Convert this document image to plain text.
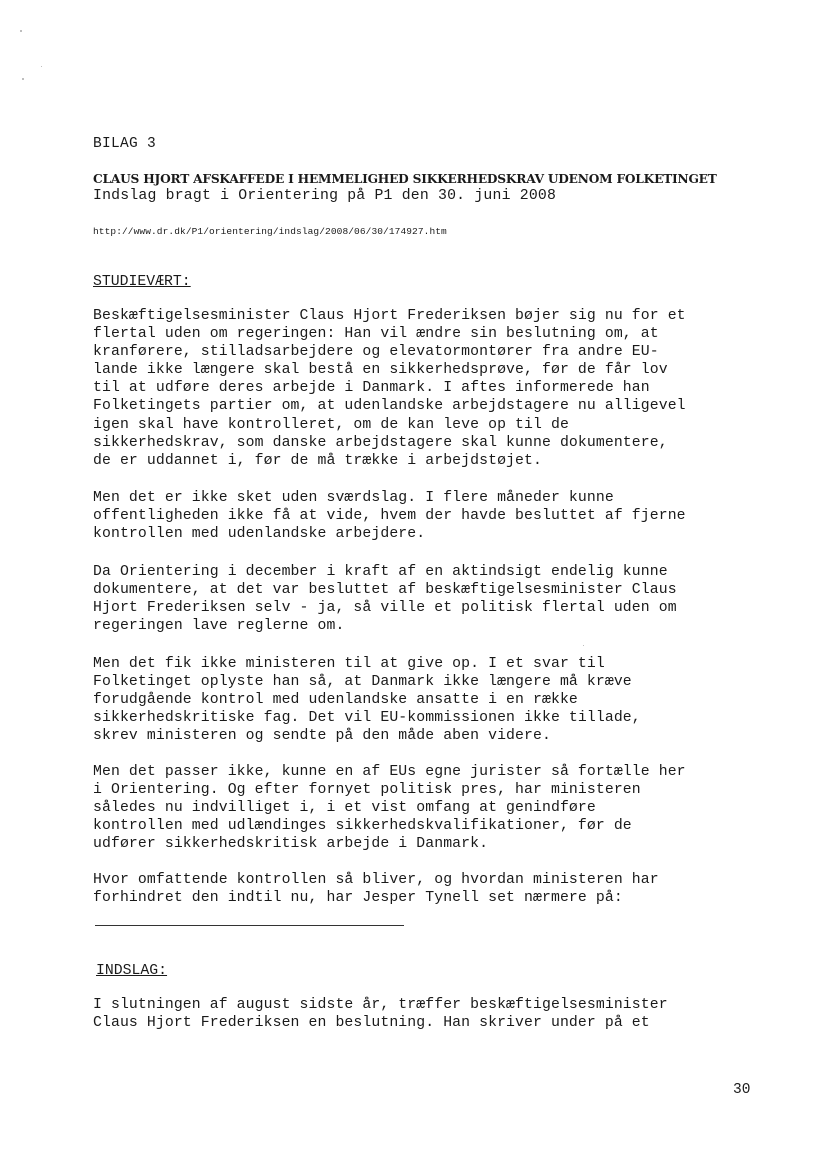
BILAG 3
CLAUS HJORT AFSKAFFEDE I HEMMELIGHED SIKKERHEDSKRAV UDENOM FOLKETINGET
Indslag bragt i Orientering på P1 den 30. juni 2008
http://www.dr.dk/P1/orientering/indslag/2008/06/30/174927.htm
STUDIEVÆRT:
Beskæftigelsesminister Claus Hjort Frederiksen bøjer sig nu for et
flertal uden om regeringen: Han vil ændre sin beslutning om, at
kranførere, stilladsarbejdere og elevatormontører fra andre EU-
lande ikke længere skal bestå en sikkerhedsprøve, før de får lov
til at udføre deres arbejde i Danmark. I aftes informerede han
Folketingets partier om, at udenlandske arbejdstagere nu alligevel
igen skal have kontrolleret, om de kan leve op til de
sikkerhedskrav, som danske arbejdstagere skal kunne dokumentere,
de er uddannet i, før de må trække i arbejdstøjet.
Men det er ikke sket uden sværdslag. I flere måneder kunne
offentligheden ikke få at vide, hvem der havde besluttet af fjerne
kontrollen med udenlandske arbejdere.
Da Orientering i december i kraft af en aktindsigt endelig kunne
dokumentere, at det var besluttet af beskæftigelsesminister Claus
Hjort Frederiksen selv - ja, så ville et politisk flertal uden om
regeringen lave reglerne om.
Men det fik ikke ministeren til at give op. I et svar til
Folketinget oplyste han så, at Danmark ikke længere må kræve
forudgående kontrol med udenlandske ansatte i en række
sikkerhedskritiske fag. Det vil EU-kommissionen ikke tillade,
skrev ministeren og sendte på den måde aben videre.
Men det passer ikke, kunne en af EUs egne jurister så fortælle her
i Orientering. Og efter fornyet politisk pres, har ministeren
således nu indvilliget i, i et vist omfang at genindføre
kontrollen med udlændinges sikkerhedskvalifikationer, før de
udfører sikkerhedskritisk arbejde i Danmark.
Hvor omfattende kontrollen så bliver, og hvordan ministeren har
forhindret den indtil nu, har Jesper Tynell set nærmere på:
INDSLAG:
I slutningen af august sidste år, træffer beskæftigelsesminister
Claus Hjort Frederiksen en beslutning. Han skriver under på et
30
